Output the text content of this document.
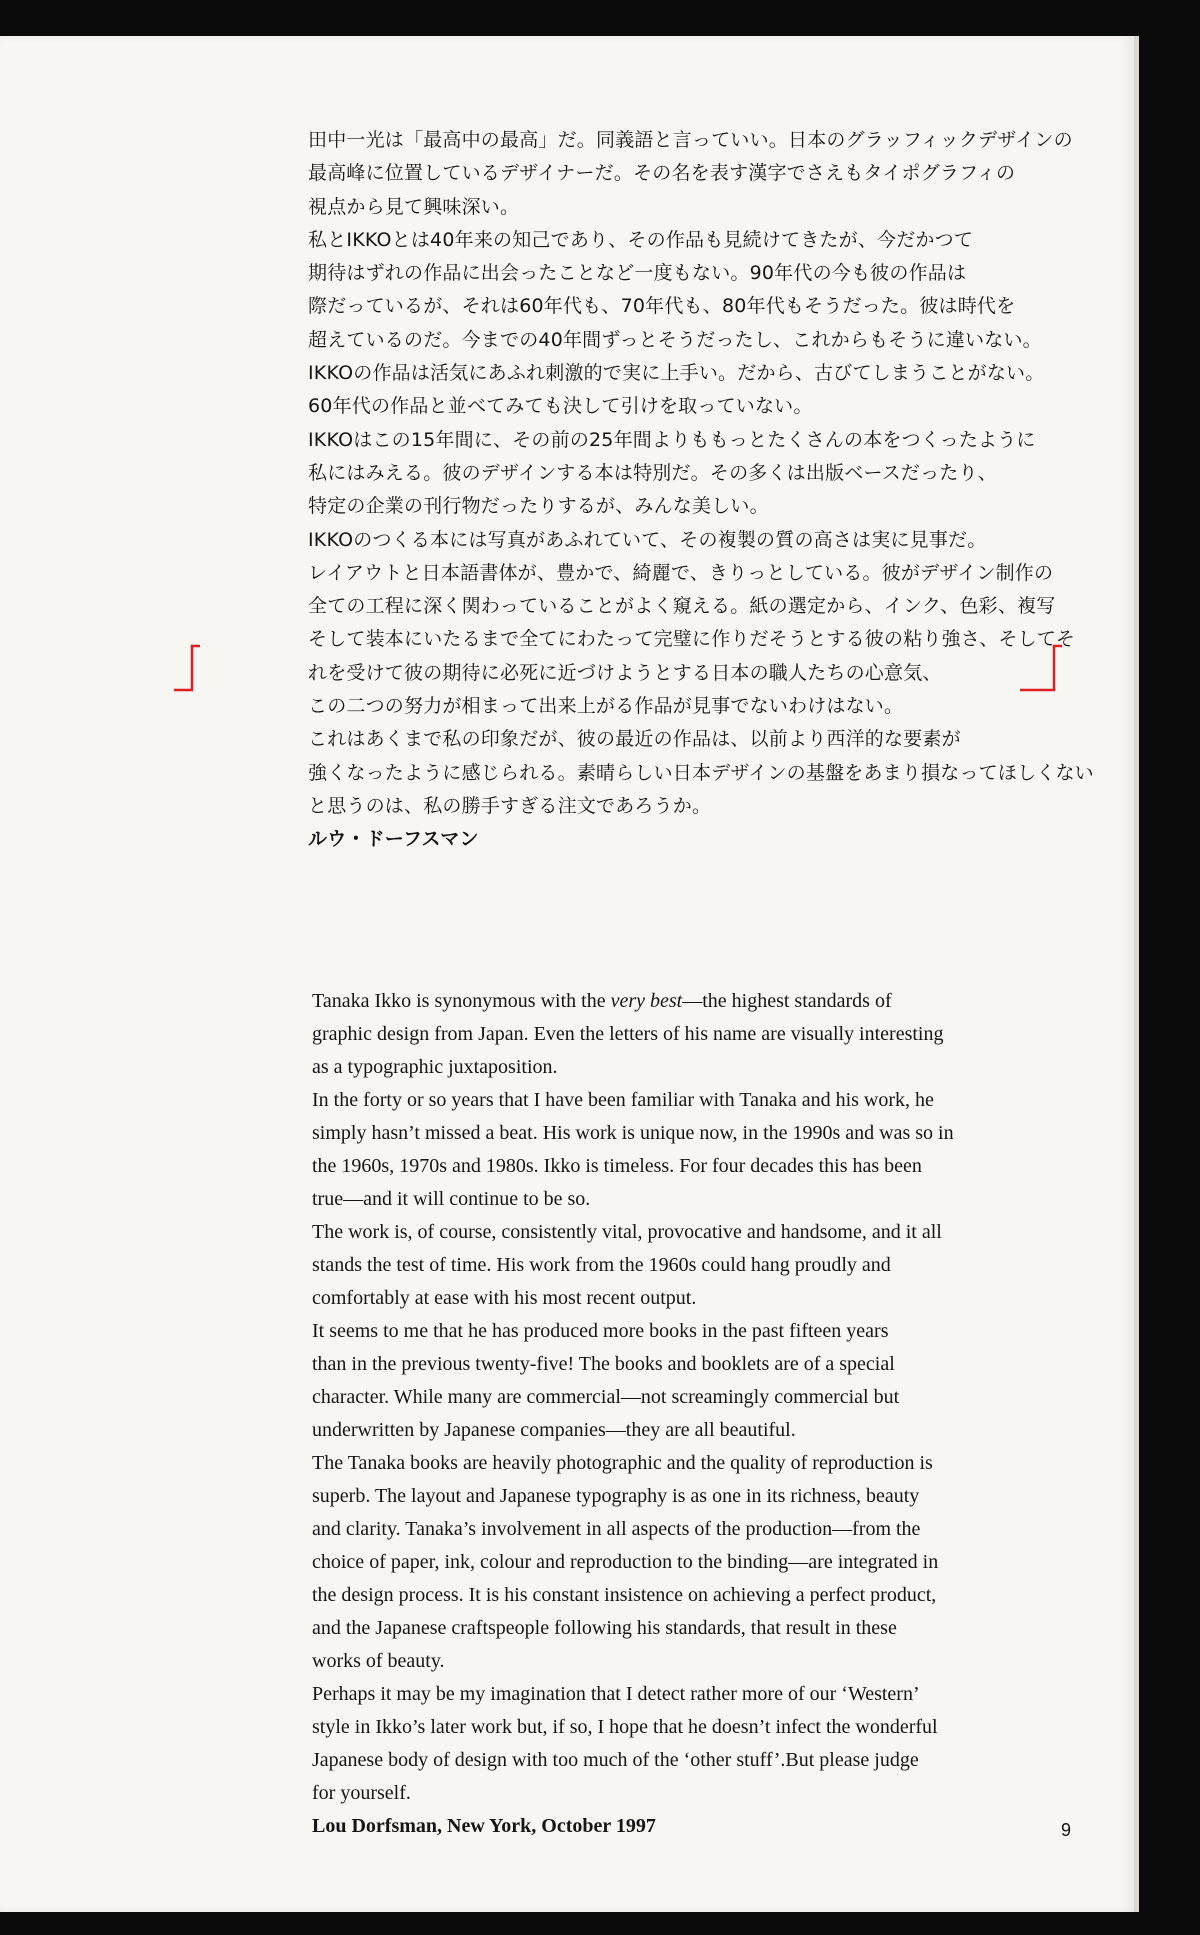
田中一光は「最高中の最高」だ。同義語と言っていい。日本のグラッフィックデザインの
最高峰に位置しているデザイナーだ。その名を表す漢字でさえもタイポグラフィの
視点から見て興味深い。
私とIKKOとは40年来の知己であり、その作品も見続けてきたが、今だかつて
期待はずれの作品に出会ったことなど一度もない。90年代の今も彼の作品は
際だっているが、それは60年代も、70年代も、80年代もそうだった。彼は時代を
超えているのだ。今までの40年間ずっとそうだったし、これからもそうに違いない。
IKKOの作品は活気にあふれ刺激的で実に上手い。だから、古びてしまうことがない。
60年代の作品と並べてみても決して引けを取っていない。
IKKOはこの15年間に、その前の25年間よりももっとたくさんの本をつくったように
私にはみえる。彼のデザインする本は特別だ。その多くは出版ベースだったり、
特定の企業の刊行物だったりするが、みんな美しい。
IKKOのつくる本には写真があふれていて、その複製の質の高さは実に見事だ。
レイアウトと日本語書体が、豊かで、綺麗で、きりっとしている。彼がデザイン制作の
全ての工程に深く関わっていることがよく窺える。紙の選定から、インク、色彩、複写
そして装本にいたるまで全てにわたって完璧に作りだそうとする彼の粘り強さ、そしてそ
れを受けて彼の期待に必死に近づけようとする日本の職人たちの心意気、
この二つの努力が相まって出来上がる作品が見事でないわけはない。
これはあくまで私の印象だが、彼の最近の作品は、以前より西洋的な要素が
強くなったように感じられる。素晴らしい日本デザインの基盤をあまり損なってほしくない
と思うのは、私の勝手すぎる注文であろうか。
ルウ・ドーフスマン
Tanaka Ikko is synonymous with the very best—the highest standards of
graphic design from Japan. Even the letters of his name are visually interesting
as a typographic juxtaposition.
In the forty or so years that I have been familiar with Tanaka and his work, he
simply hasn’t missed a beat. His work is unique now, in the 1990s and was so in
the 1960s, 1970s and 1980s. Ikko is timeless. For four decades this has been
true—and it will continue to be so.
The work is, of course, consistently vital, provocative and handsome, and it all
stands the test of time. His work from the 1960s could hang proudly and
comfortably at ease with his most recent output.
It seems to me that he has produced more books in the past fifteen years
than in the previous twenty-five! The books and booklets are of a special
character. While many are commercial—not screamingly commercial but
underwritten by Japanese companies—they are all beautiful.
The Tanaka books are heavily photographic and the quality of reproduction is
superb. The layout and Japanese typography is as one in its richness, beauty
and clarity. Tanaka’s involvement in all aspects of the production—from the
choice of paper, ink, colour and reproduction to the binding—are integrated in
the design process. It is his constant insistence on achieving a perfect product,
and the Japanese craftspeople following his standards, that result in these
works of beauty.
Perhaps it may be my imagination that I detect rather more of our ‘Western’
style in Ikko’s later work but, if so, I hope that he doesn’t infect the wonderful
Japanese body of design with too much of the ‘other stuff’.But please judge
for yourself.
Lou Dorfsman, New York, October 1997	9
